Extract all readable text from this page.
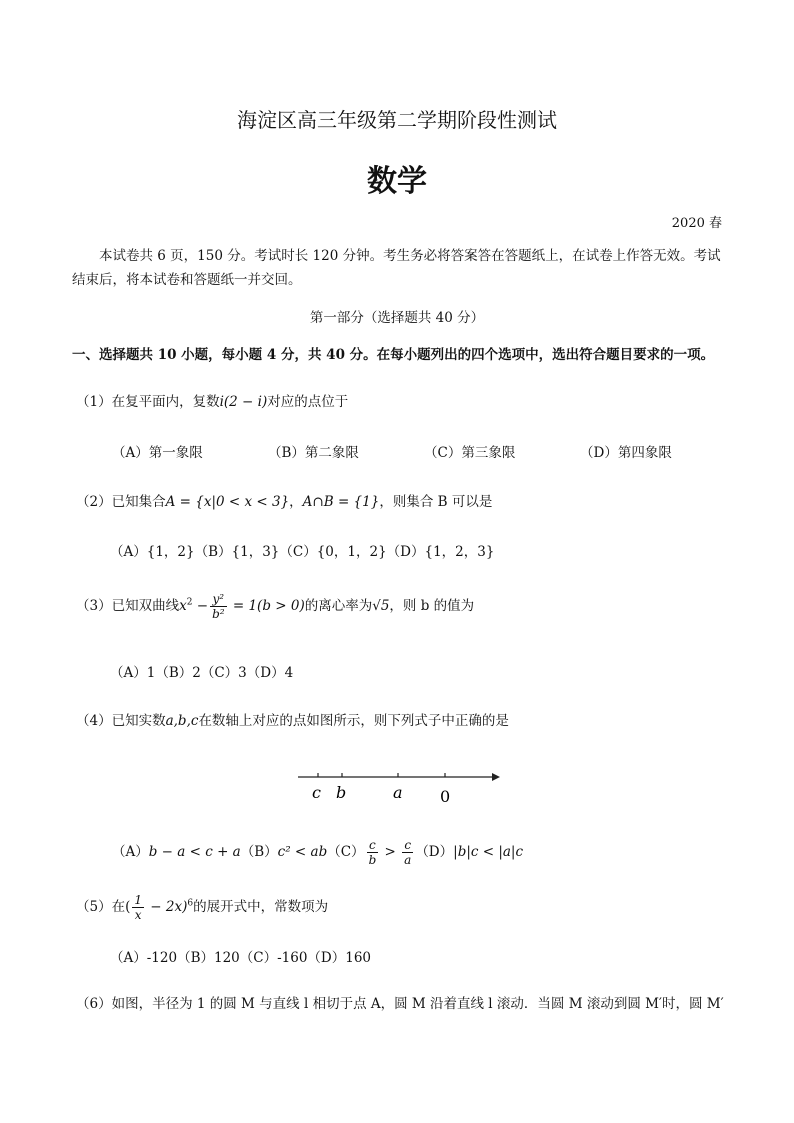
海淀区高三年级第二学期阶段性测试
数学
2020 春
本试卷共 6 页，150 分。考试时长 120 分钟。考生务必将答案答在答题纸上，在试卷上作答无效。考试结束后，将本试卷和答题纸一并交回。
第一部分（选择题共 40 分）
一、选择题共 10 小题，每小题 4 分，共 40 分。在每小题列出的四个选项中，选出符合题目要求的一项。
（1）在复平面内，复数i(2 − i)对应的点位于
（A）第一象限	（B）第二象限	（C）第三象限	（D）第四象限
（2）已知集合A = {x|0 < x < 3}，A∩B = {1}，则集合 B 可以是
（A）{1，2}（B）{1，3}（C）{0，1，2}（D）{1，2，3}
（3）已知双曲线$x^2 - \frac{\text{y²}}{\text{b²}} = 1(b > 0)$的离心率为√5，则 b 的值为
（A）1（B）2（C）3（D）4
（4）已知实数a,b,c在数轴上对应的点如图所示，则下列式子中正确的是
c b	a 0
$(A)b - a < c + a(B)c^2 < ab(C) \frac{c}{b} > \frac{c}{a} (D)|b|c < |a|c$
（5）在( $\frac{1}{x} - 2x)^6$的展开式中，常数项为
（A）-120（B）120（C）-160（D）160
（6）如图，半径为 1 的圆 M 与直线 l 相切于点 A，圆 M 沿着直线 l 滚动．当圆 M 滚动到圆 M′时，圆 M′
